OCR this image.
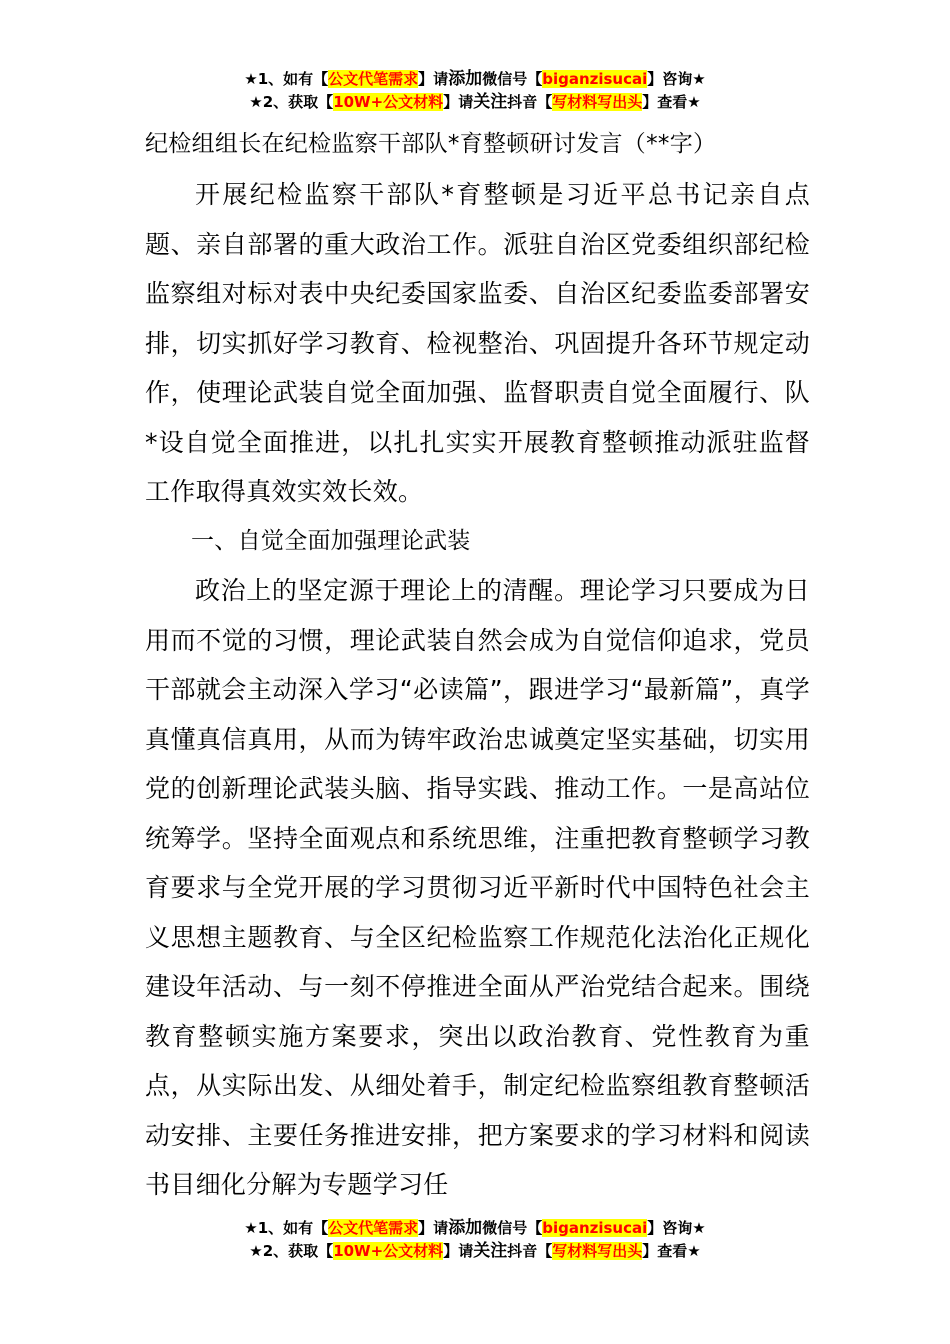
★1、如有【公文代笔需求】请添加微信号【biganzisucai】咨询★
★2、获取【10W+公文材料】请关注抖音【写材料写出头】查看★

纪检组组长在纪检监察干部队*育整顿研讨发言（**字）

开展纪检监察干部队*育整顿是习近平总书记亲自点题、亲自部署的重大政治工作。派驻自治区党委组织部纪检监察组对标对表中央纪委国家监委、自治区纪委监委部署安排，切实抓好学习教育、检视整治、巩固提升各环节规定动作，使理论武装自觉全面加强、监督职责自觉全面履行、队*设自觉全面推进，以扎扎实实开展教育整顿推动派驻监督工作取得真效实效长效。

一、自觉全面加强理论武装

政治上的坚定源于理论上的清醒。理论学习只要成为日用而不觉的习惯，理论武装自然会成为自觉信仰追求，党员干部就会主动深入学习“必读篇”，跟进学习“最新篇”，真学真懂真信真用，从而为铸牢政治忠诚奠定坚实基础，切实用党的创新理论武装头脑、指导实践、推动工作。一是高站位统筹学。坚持全面观点和系统思维，注重把教育整顿学习教育要求与全党开展的学习贯彻习近平新时代中国特色社会主义思想主题教育、与全区纪检监察工作规范化法治化正规化建设年活动、与一刻不停推进全面从严治党结合起来。围绕教育整顿实施方案要求，突出以政治教育、党性教育为重点，从实际出发、从细处着手，制定纪检监察组教育整顿活动安排、主要任务推进安排，把方案要求的学习材料和阅读书目细化分解为专题学习任

★1、如有【公文代笔需求】请添加微信号【biganzisucai】咨询★
★2、获取【10W+公文材料】请关注抖音【写材料写出头】查看★
